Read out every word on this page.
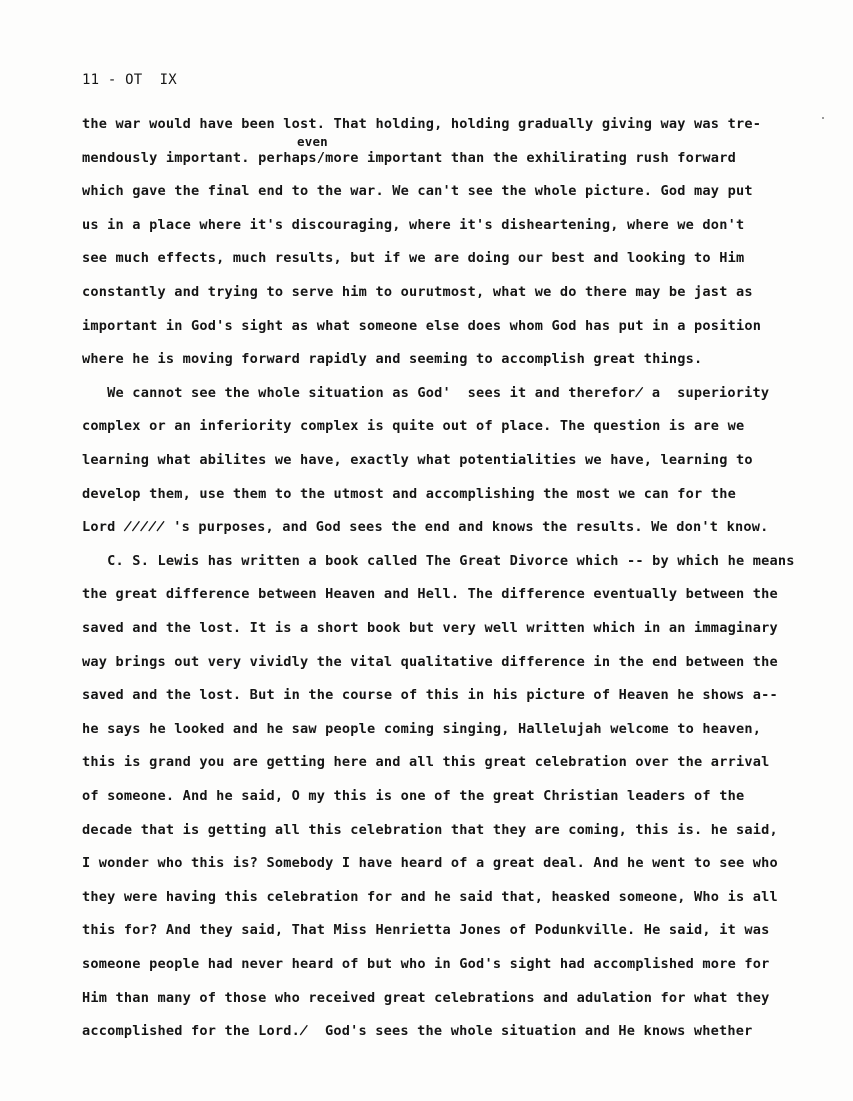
11 - OT  IX
even
the war would have been lost. That holding, holding gradually giving way was tre-
mendously important. perhaps/more important than the exhilirating rush forward
which gave the final end to the war. We can't see the whole picture. God may put
us in a place where it's discouraging, where it's disheartening, where we don't
see much effects, much results, but if we are doing our best and looking to Him
constantly and trying to serve him to ourutmost, what we do there may be jast as
important in God's sight as what someone else does whom God has put in a position
where he is moving forward rapidly and seeming to accomplish great things.
We cannot see the whole situation as God'  sees it and therefor̸ a  superiority
complex or an inferiority complex is quite out of place. The question is are we
learning what abilites we have, exactly what potentialities we have, learning to
develop them, use them to the utmost and accomplishing the most we can for the
Lord ̸̸̸̸̸ 's purposes, and God sees the end and knows the results. We don't know.
C. S. Lewis has written a book called The Great Divorce which -- by which he means
the great difference between Heaven and Hell. The difference eventually between the
saved and the lost. It is a short book but very well written which in an immaginary
way brings out very vividly the vital qualitative difference in the end between the
saved and the lost. But in the course of this in his picture of Heaven he shows a--
he says he looked and he saw people coming singing, Hallelujah welcome to heaven,
this is grand you are getting here and all this great celebration over the arrival
of someone. And he said, O my this is one of the great Christian leaders of the
decade that is getting all this celebration that they are coming, this is. he said,
I wonder who this is? Somebody I have heard of a great deal. And he went to see who
they were having this celebration for and he said that, heasked someone, Who is all
this for? And they said, That Miss Henrietta Jones of Podunkville. He said, it was
someone people had never heard of but who in God's sight had accomplished more for
Him than many of those who received great celebrations and adulation for what they
accomplished for the Lord.̸  God's sees the whole situation and He knows whether
